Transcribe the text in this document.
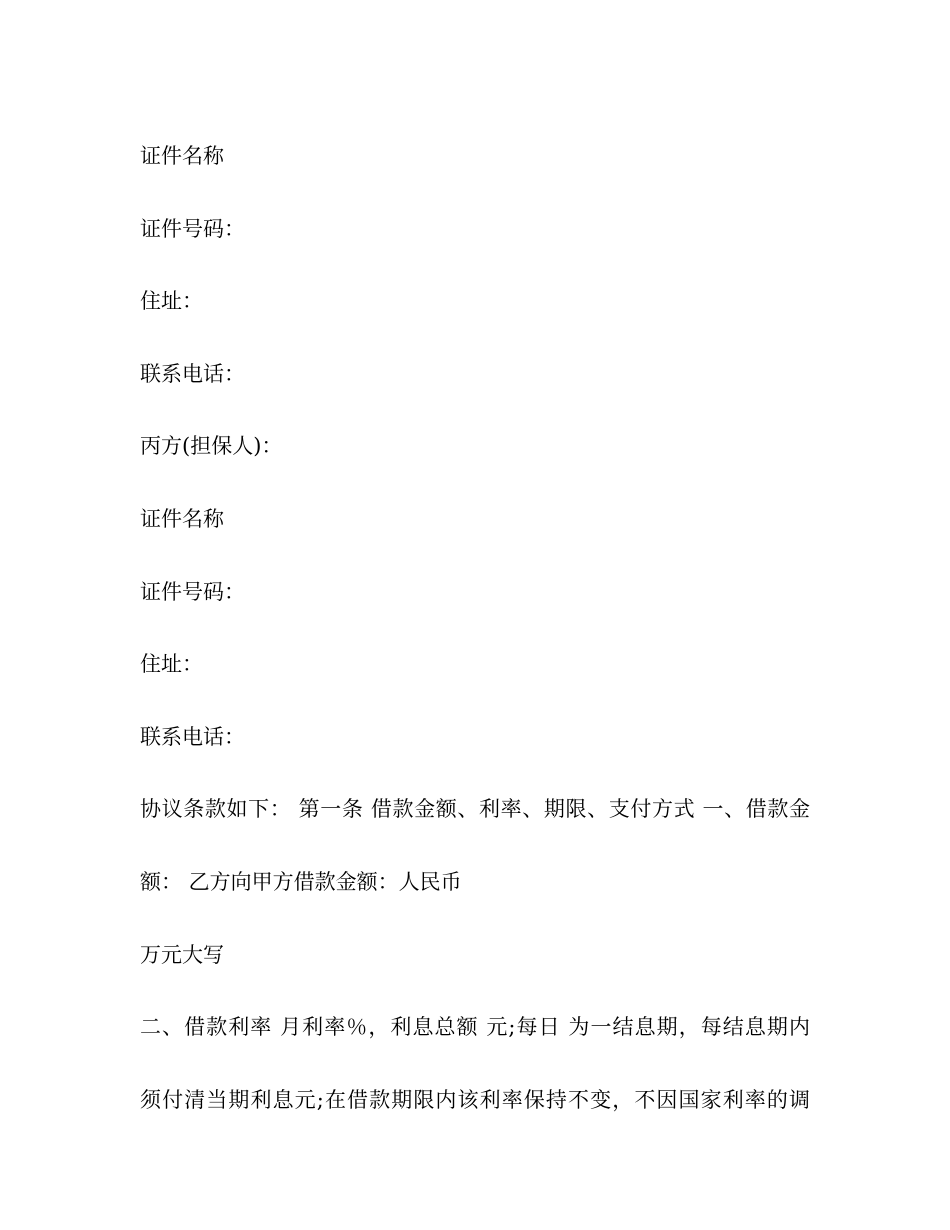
证件名称
证件号码：
住址：
联系电话：
丙方(担保人)：
证件名称
证件号码：
住址：
联系电话：
协议条款如下： 第一条 借款金额、利率、期限、支付方式 一、借款金
额： 乙方向甲方借款金额：人民币
万元大写
二、借款利率 月利率％，利息总额 元;每日 为一结息期，每结息期内
须付清当期利息元;在借款期限内该利率保持不变，不因国家利率的调
